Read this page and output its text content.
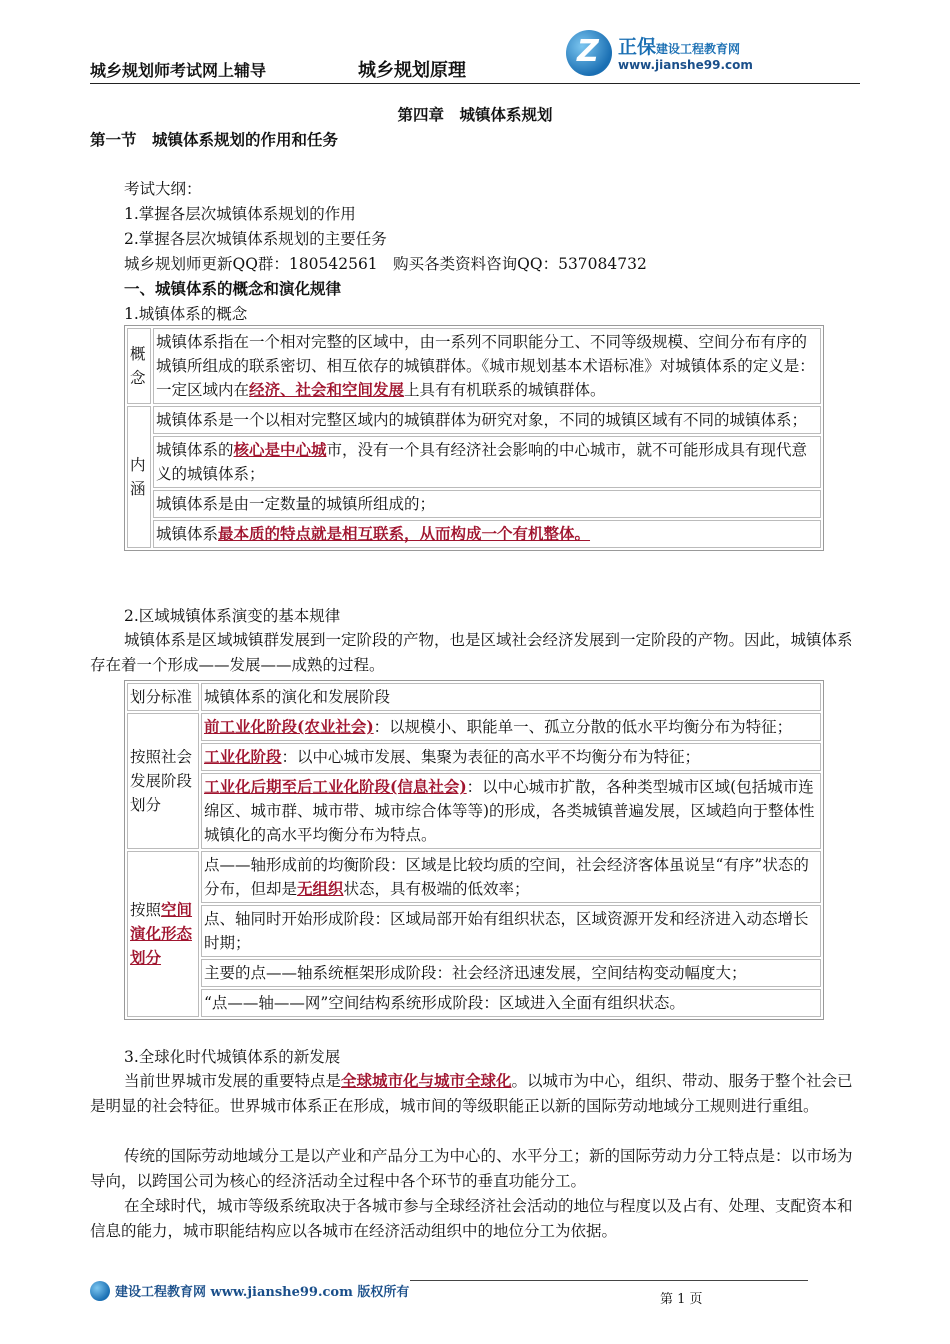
城乡规划师考试网上辅导	城乡规划原理
Z 正保建设工程教育网
www.jianshe99.com
第四章　城镇体系规划
第一节　城镇体系规划的作用和任务
考试大纲：
1.掌握各层次城镇体系规划的作用
2.掌握各层次城镇体系规划的主要任务
城乡规划师更新QQ群：180542561　购买各类资料咨询QQ：537084732
一、城镇体系的概念和演化规律
1.城镇体系的概念
概念	城镇体系指在一个相对完整的区域中，由一系列不同职能分工、不同等级规模、空间分布有序的城镇所组成的联系密切、相互依存的城镇群体。《城市规划基本术语标准》对城镇体系的定义是：一定区域内在经济、社会和空间发展上具有有机联系的城镇群体。
内涵	城镇体系是一个以相对完整区域内的城镇群体为研究对象，不同的城镇区域有不同的城镇体系；
	城镇体系的核心是中心城市，没有一个具有经济社会影响的中心城市，就不可能形成具有现代意义的城镇体系；
	城镇体系是由一定数量的城镇所组成的；
	城镇体系最本质的特点就是相互联系，从而构成一个有机整体。
2.区域城镇体系演变的基本规律
城镇体系是区域城镇群发展到一定阶段的产物，也是区域社会经济发展到一定阶段的产物。因此，城镇体系存在着一个形成——发展——成熟的过程。
划分标准	城镇体系的演化和发展阶段
按照社会发展阶段划分	前工业化阶段(农业社会)：以规模小、职能单一、孤立分散的低水平均衡分布为特征；
	工业化阶段：以中心城市发展、集聚为表征的高水平不均衡分布为特征；
	工业化后期至后工业化阶段(信息社会)：以中心城市扩散，各种类型城市区域(包括城市连绵区、城市群、城市带、城市综合体等等)的形成，各类城镇普遍发展，区域趋向于整体性城镇化的高水平均衡分布为特点。
按照空间演化形态划分	点——轴形成前的均衡阶段：区域是比较均质的空间，社会经济客体虽说呈“有序”状态的分布，但却是无组织状态，具有极端的低效率；
	点、轴同时开始形成阶段：区域局部开始有组织状态，区域资源开发和经济进入动态增长时期；
	主要的点——轴系统框架形成阶段：社会经济迅速发展，空间结构变动幅度大；
	“点——轴——网”空间结构系统形成阶段：区域进入全面有组织状态。
3.全球化时代城镇体系的新发展
当前世界城市发展的重要特点是全球城市化与城市全球化。以城市为中心，组织、带动、服务于整个社会已是明显的社会特征。世界城市体系正在形成，城市间的等级职能正以新的国际劳动地域分工规则进行重组。
传统的国际劳动地域分工是以产业和产品分工为中心的、水平分工；新的国际劳动力分工特点是：以市场为导向，以跨国公司为核心的经济活动全过程中各个环节的垂直功能分工。
在全球时代，城市等级系统取决于各城市参与全球经济社会活动的地位与程度以及占有、处理、支配资本和信息的能力，城市职能结构应以各城市在经济活动组织中的地位分工为依据。
建设工程教育网 www.jianshe99.com 版权所有	第 1 页
